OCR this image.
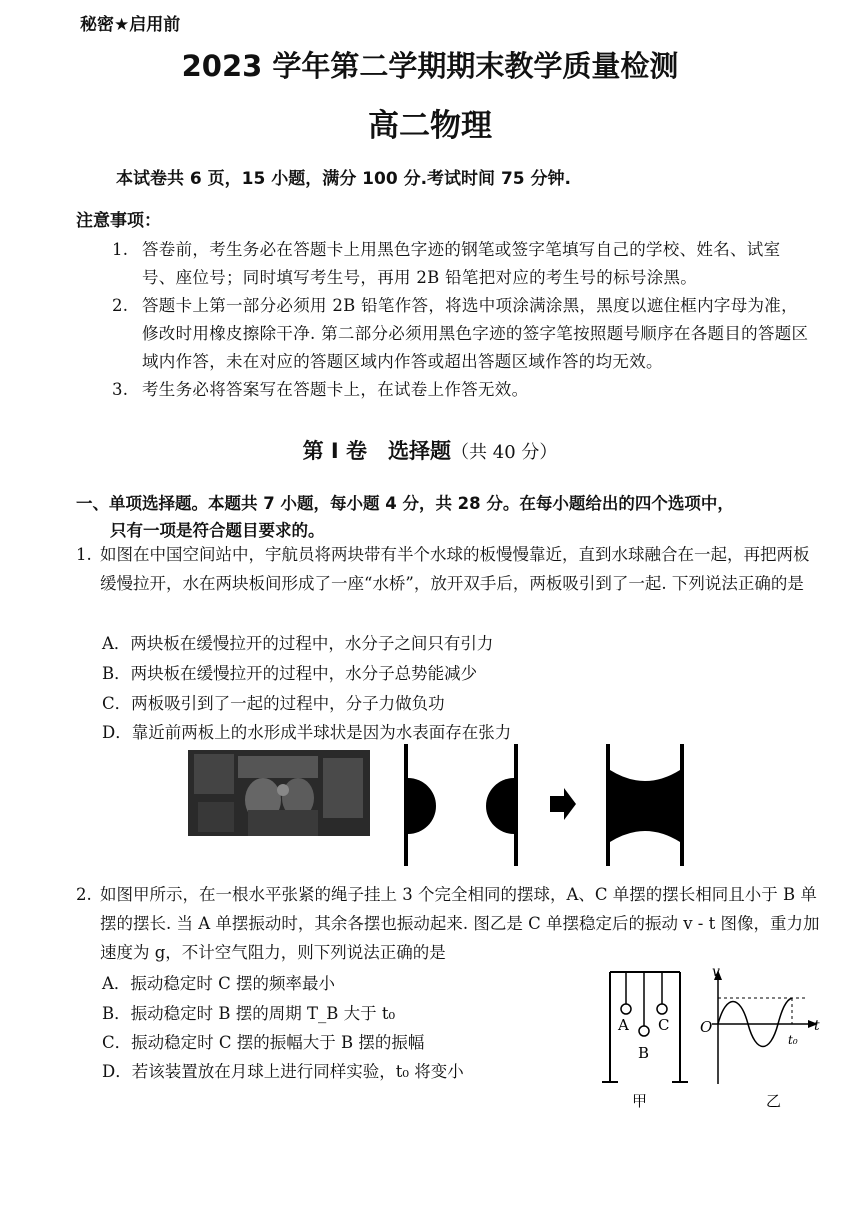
秘密★启用前
2023 学年第二学期期末教学质量检测
高二物理
本试卷共 6 页，15 小题，满分 100 分.考试时间 75 分钟.
注意事项：
1. 答卷前，考生务必在答题卡上用黑色字迹的钢笔或签字笔填写自己的学校、姓名、试室号、座位号；同时填写考生号，再用 2B 铅笔把对应的考生号的标号涂黑。
2. 答题卡上第一部分必须用 2B 铅笔作答，将选中项涂满涂黑，黑度以遮住框内字母为准，修改时用橡皮擦除干净. 第二部分必须用黑色字迹的签字笔按照题号顺序在各题目的答题区域内作答，未在对应的答题区域内作答或超出答题区域作答的均无效。
3. 考生务必将答案写在答题卡上，在试卷上作答无效。
第 I 卷　选择题（共 40 分）
一、单项选择题。本题共 7 小题，每小题 4 分，共 28 分。在每小题给出的四个选项中，
只有一项是符合题目要求的。
1. 如图在中国空间站中，宇航员将两块带有半个水球的板慢慢靠近，直到水球融合在一起，再把两板缓慢拉开，水在两块板间形成了一座“水桥”，放开双手后，两板吸引到了一起. 下列说法正确的是
A．两块板在缓慢拉开的过程中，水分子之间只有引力
B．两块板在缓慢拉开的过程中，水分子总势能减少
C．两板吸引到了一起的过程中，分子力做负功
D．靠近前两板上的水形成半球状是因为水表面存在张力
2. 如图甲所示，在一根水平张紧的绳子挂上 3 个完全相同的摆球，A、C 单摆的摆长相同且小于 B 单摆的摆长. 当 A 单摆振动时，其余各摆也振动起来. 图乙是 C 单摆稳定后的振动 v - t 图像，重力加速度为 g，不计空气阻力，则下列说法正确的是
A．振动稳定时 C 摆的频率最小
B．振动稳定时 B 摆的周期 T_B 大于 t₀
C．振动稳定时 C 摆的振幅大于 B 摆的振幅
D．若该装置放在月球上进行同样实验，t₀ 将变小
A
B
C
甲
v
t
O
t₀
乙
